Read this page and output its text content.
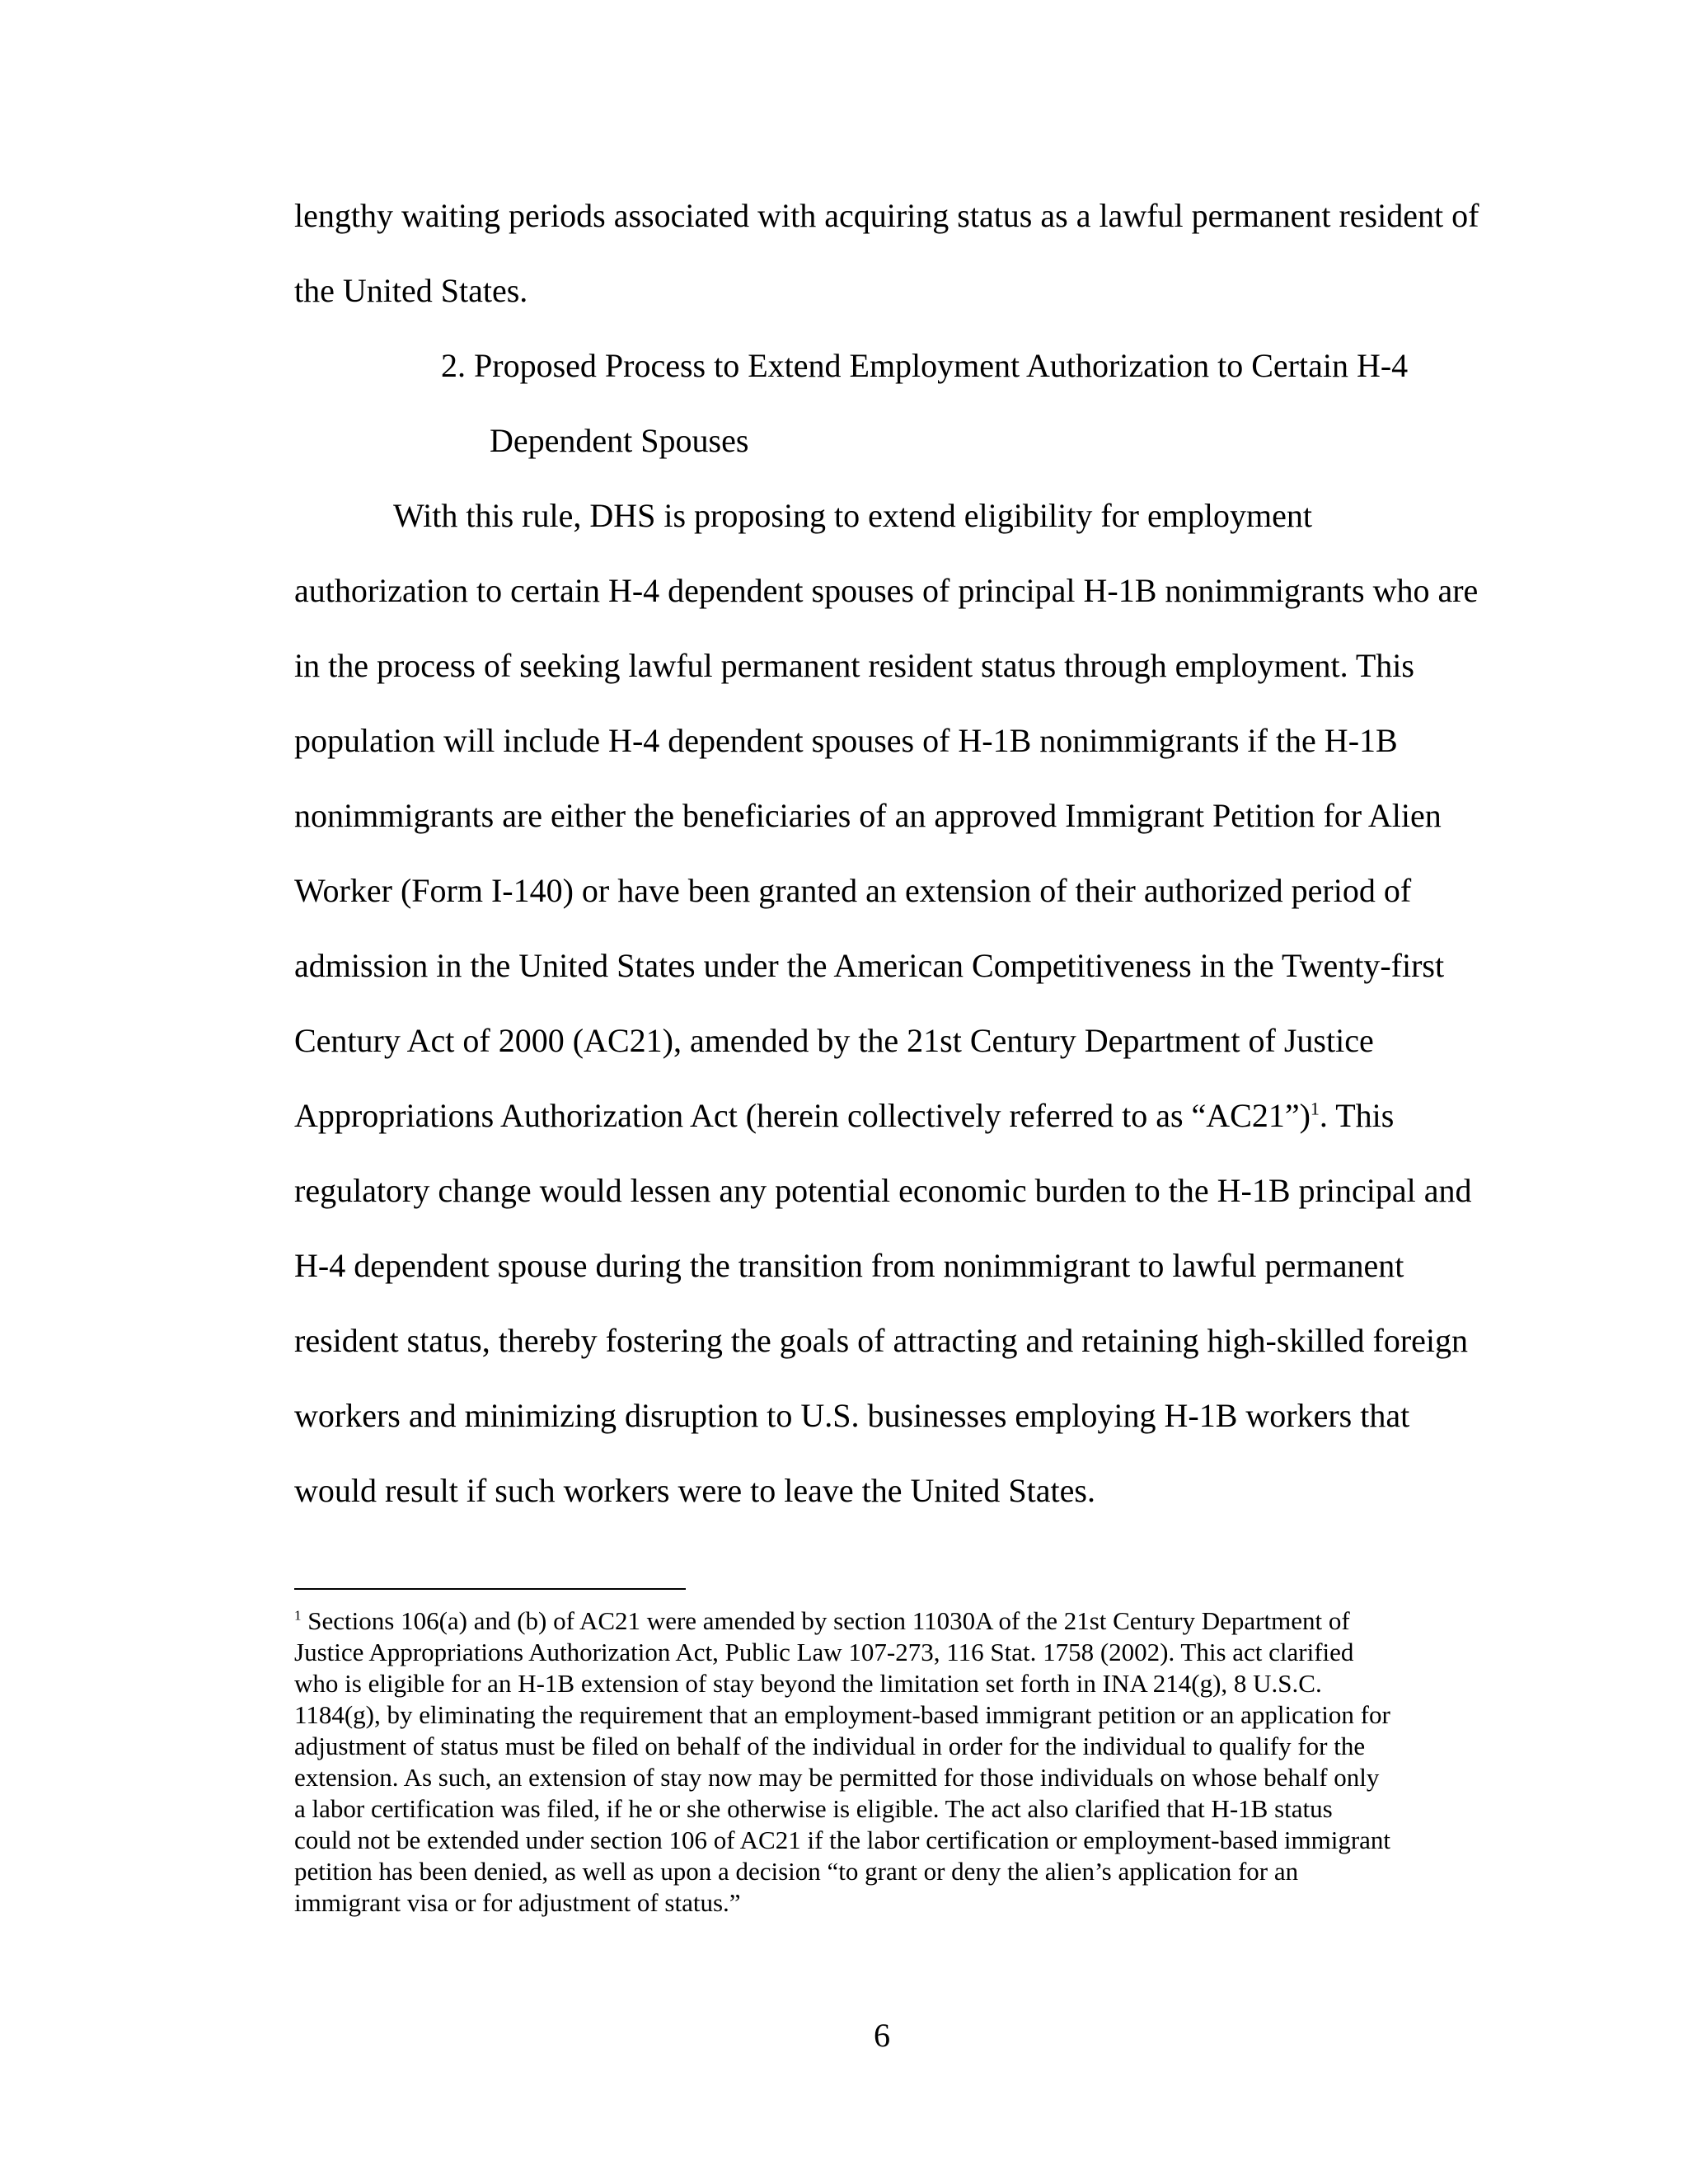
lengthy waiting periods associated with acquiring status as a lawful permanent resident of

the United States.

2. Proposed Process to Extend Employment Authorization to Certain H-4

Dependent Spouses

With this rule, DHS is proposing to extend eligibility for employment

authorization to certain H-4 dependent spouses of principal H-1B nonimmigrants who are

in the process of seeking lawful permanent resident status through employment. This

population will include H-4 dependent spouses of H-1B nonimmigrants if the H-1B

nonimmigrants are either the beneficiaries of an approved Immigrant Petition for Alien

Worker (Form I-140) or have been granted an extension of their authorized period of

admission in the United States under the American Competitiveness in the Twenty-first

Century Act of 2000 (AC21), amended by the 21st Century Department of Justice

Appropriations Authorization Act (herein collectively referred to as “AC21”)$^1$. This

regulatory change would lessen any potential economic burden to the H-1B principal and

H-4 dependent spouse during the transition from nonimmigrant to lawful permanent

resident status, thereby fostering the goals of attracting and retaining high-skilled foreign

workers and minimizing disruption to U.S. businesses employing H-1B workers that

would result if such workers were to leave the United States.

$^1$ Sections 106(a) and (b) of AC21 were amended by section 11030A of the 21st Century Department of

Justice Appropriations Authorization Act, Public Law 107-273, 116 Stat. 1758 (2002). This act clarified

who is eligible for an H-1B extension of stay beyond the limitation set forth in INA 214(g), 8 U.S.C.

1184(g), by eliminating the requirement that an employment-based immigrant petition or an application for

adjustment of status must be filed on behalf of the individual in order for the individual to qualify for the

extension. As such, an extension of stay now may be permitted for those individuals on whose behalf only

a labor certification was filed, if he or she otherwise is eligible. The act also clarified that H-1B status

could not be extended under section 106 of AC21 if the labor certification or employment-based immigrant

petition has been denied, as well as upon a decision “to grant or deny the alien’s application for an

immigrant visa or for adjustment of status.”

6
